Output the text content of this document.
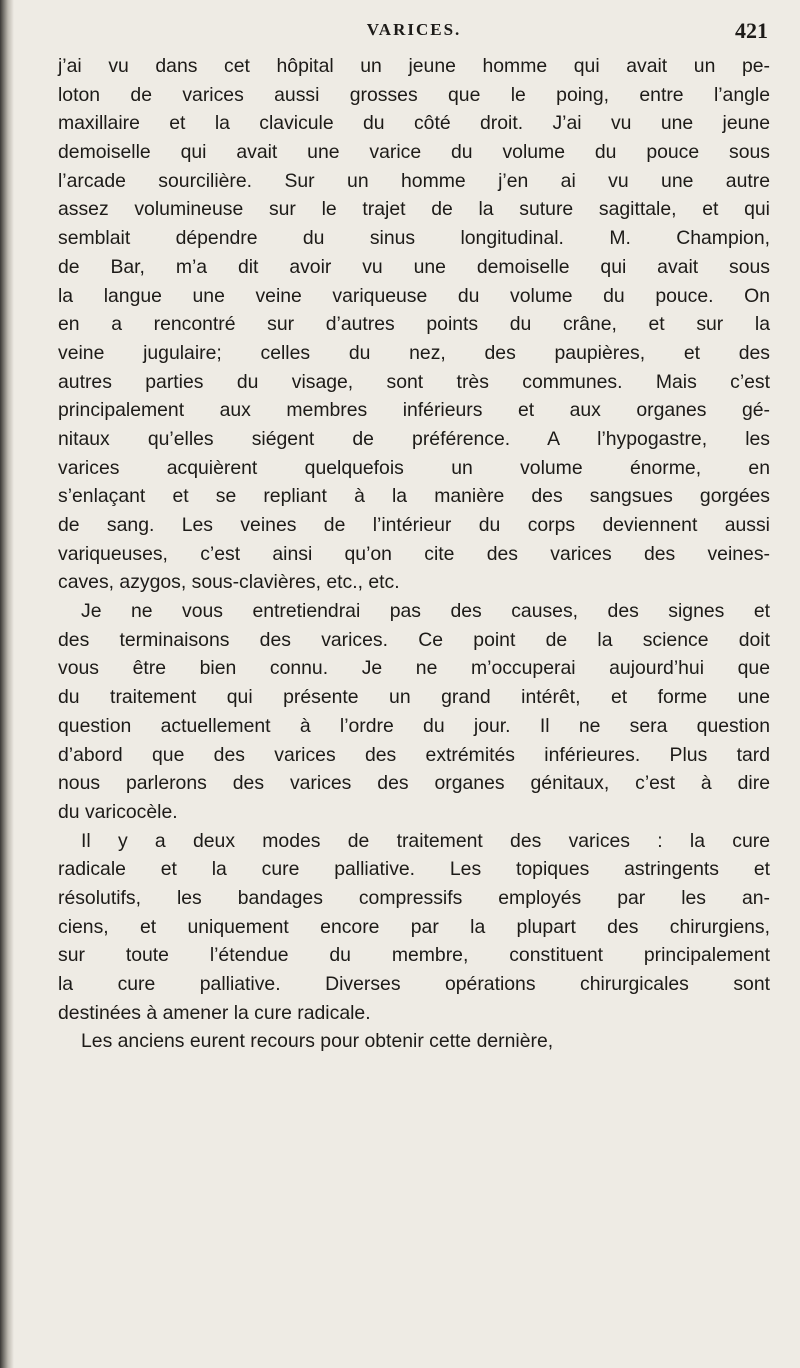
VARICES.	421
j’ai vu dans cet hôpital un jeune homme qui avait un pe-
loton de varices aussi grosses que le poing, entre l’angle
maxillaire et la clavicule du côté droit. J’ai vu une jeune
demoiselle qui avait une varice du volume du pouce sous
l’arcade sourcilière. Sur un homme j’en ai vu une autre
assez volumineuse sur le trajet de la suture sagittale, et qui
semblait dépendre du sinus longitudinal. M. Champion,
de Bar, m’a dit avoir vu une demoiselle qui avait sous
la langue une veine variqueuse du volume du pouce. On
en a rencontré sur d’autres points du crâne, et sur la
veine jugulaire; celles du nez, des paupières, et des
autres parties du visage, sont très communes. Mais c’est
principalement aux membres inférieurs et aux organes gé-
nitaux qu’elles siégent de préférence. A l’hypogastre, les
varices acquièrent quelquefois un volume énorme, en
s’enlaçant et se repliant à la manière des sangsues gorgées
de sang. Les veines de l’intérieur du corps deviennent aussi
variqueuses, c’est ainsi qu’on cite des varices des veines-
caves, azygos, sous-clavières, etc., etc.
Je ne vous entretiendrai pas des causes, des signes et
des terminaisons des varices. Ce point de la science doit
vous être bien connu. Je ne m’occuperai aujourd’hui que
du traitement qui présente un grand intérêt, et forme une
question actuellement à l’ordre du jour. Il ne sera question
d’abord que des varices des extrémités inférieures. Plus tard
nous parlerons des varices des organes génitaux, c’est à dire
du varicocèle.
Il y a deux modes de traitement des varices : la cure
radicale et la cure palliative. Les topiques astringents et
résolutifs, les bandages compressifs employés par les an-
ciens, et uniquement encore par la plupart des chirurgiens,
sur toute l’étendue du membre, constituent principalement
la cure palliative. Diverses opérations chirurgicales sont
destinées à amener la cure radicale.
Les anciens eurent recours pour obtenir cette dernière,
